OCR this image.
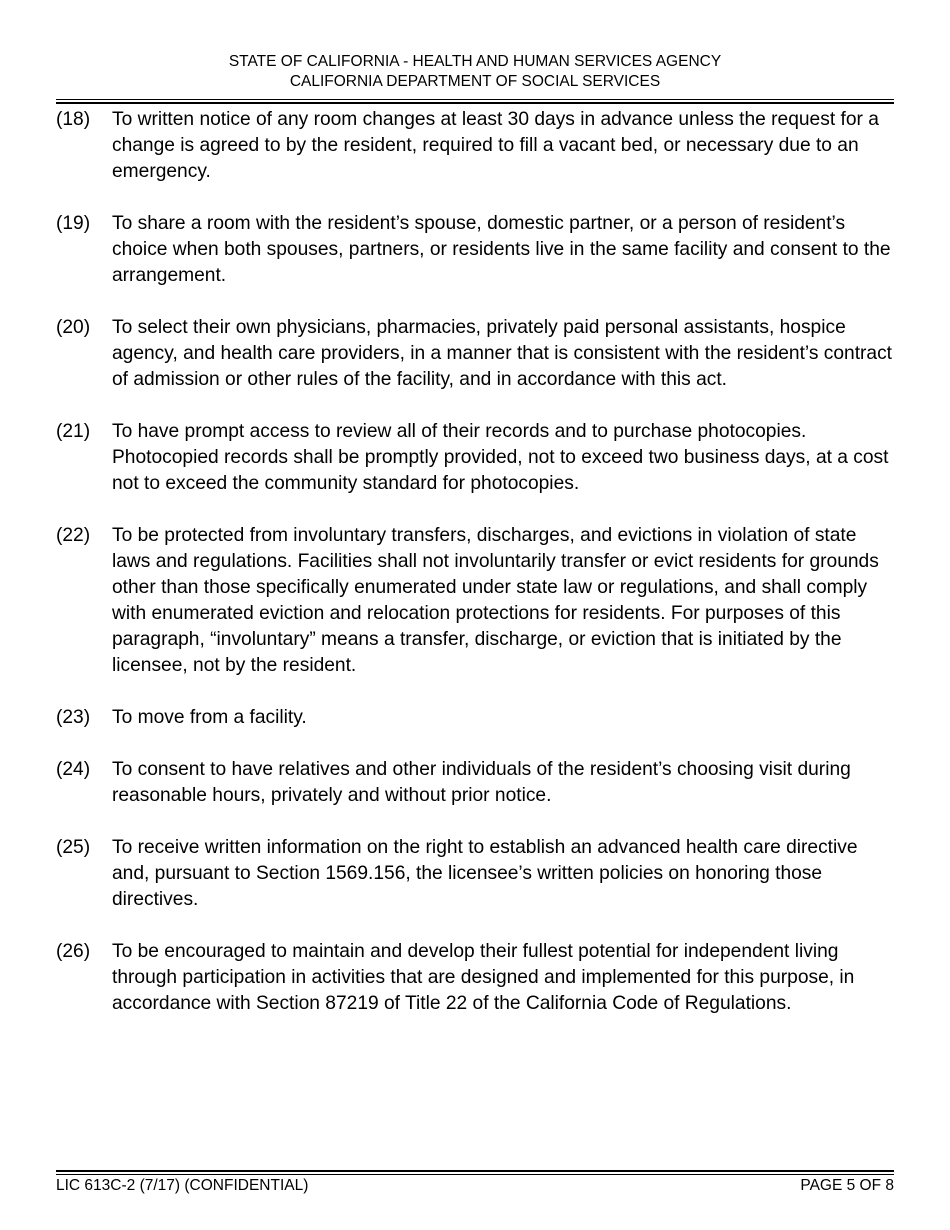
STATE OF CALIFORNIA - HEALTH AND HUMAN SERVICES AGENCY
CALIFORNIA DEPARTMENT OF SOCIAL SERVICES
(18)	To written notice of any room changes at least 30 days in advance unless the request for a change is agreed to by the resident, required to fill a vacant bed, or necessary due to an emergency.
(19)	To share a room with the resident’s spouse, domestic partner, or a person of resident’s choice when both spouses, partners, or residents live in the same facility and consent to the arrangement.
(20)	To select their own physicians, pharmacies, privately paid personal assistants, hospice agency, and health care providers, in a manner that is consistent with the resident’s contract of admission or other rules of the facility, and in accordance with this act.
(21)	To have prompt access to review all of their records and to purchase photocopies. Photocopied records shall be promptly provided, not to exceed two business days, at a cost not to exceed the community standard for photocopies.
(22)	To be protected from involuntary transfers, discharges, and evictions in violation of state laws and regulations. Facilities shall not involuntarily transfer or evict residents for grounds other than those specifically enumerated under state law or regulations, and shall comply with enumerated eviction and relocation protections for residents. For purposes of this paragraph, “involuntary” means a transfer, discharge, or eviction that is initiated by the licensee, not by the resident.
(23)	To move from a facility.
(24)	To consent to have relatives and other individuals of the resident’s choosing visit during reasonable hours, privately and without prior notice.
(25)	To receive written information on the right to establish an advanced health care directive and, pursuant to Section 1569.156, the licensee’s written policies on honoring those directives.
(26)	To be encouraged to maintain and develop their fullest potential for independent living through participation in activities that are designed and implemented for this purpose, in accordance with Section 87219 of Title 22 of the California Code of Regulations.
LIC 613C-2 (7/17) (CONFIDENTIAL)	PAGE 5 OF 8
